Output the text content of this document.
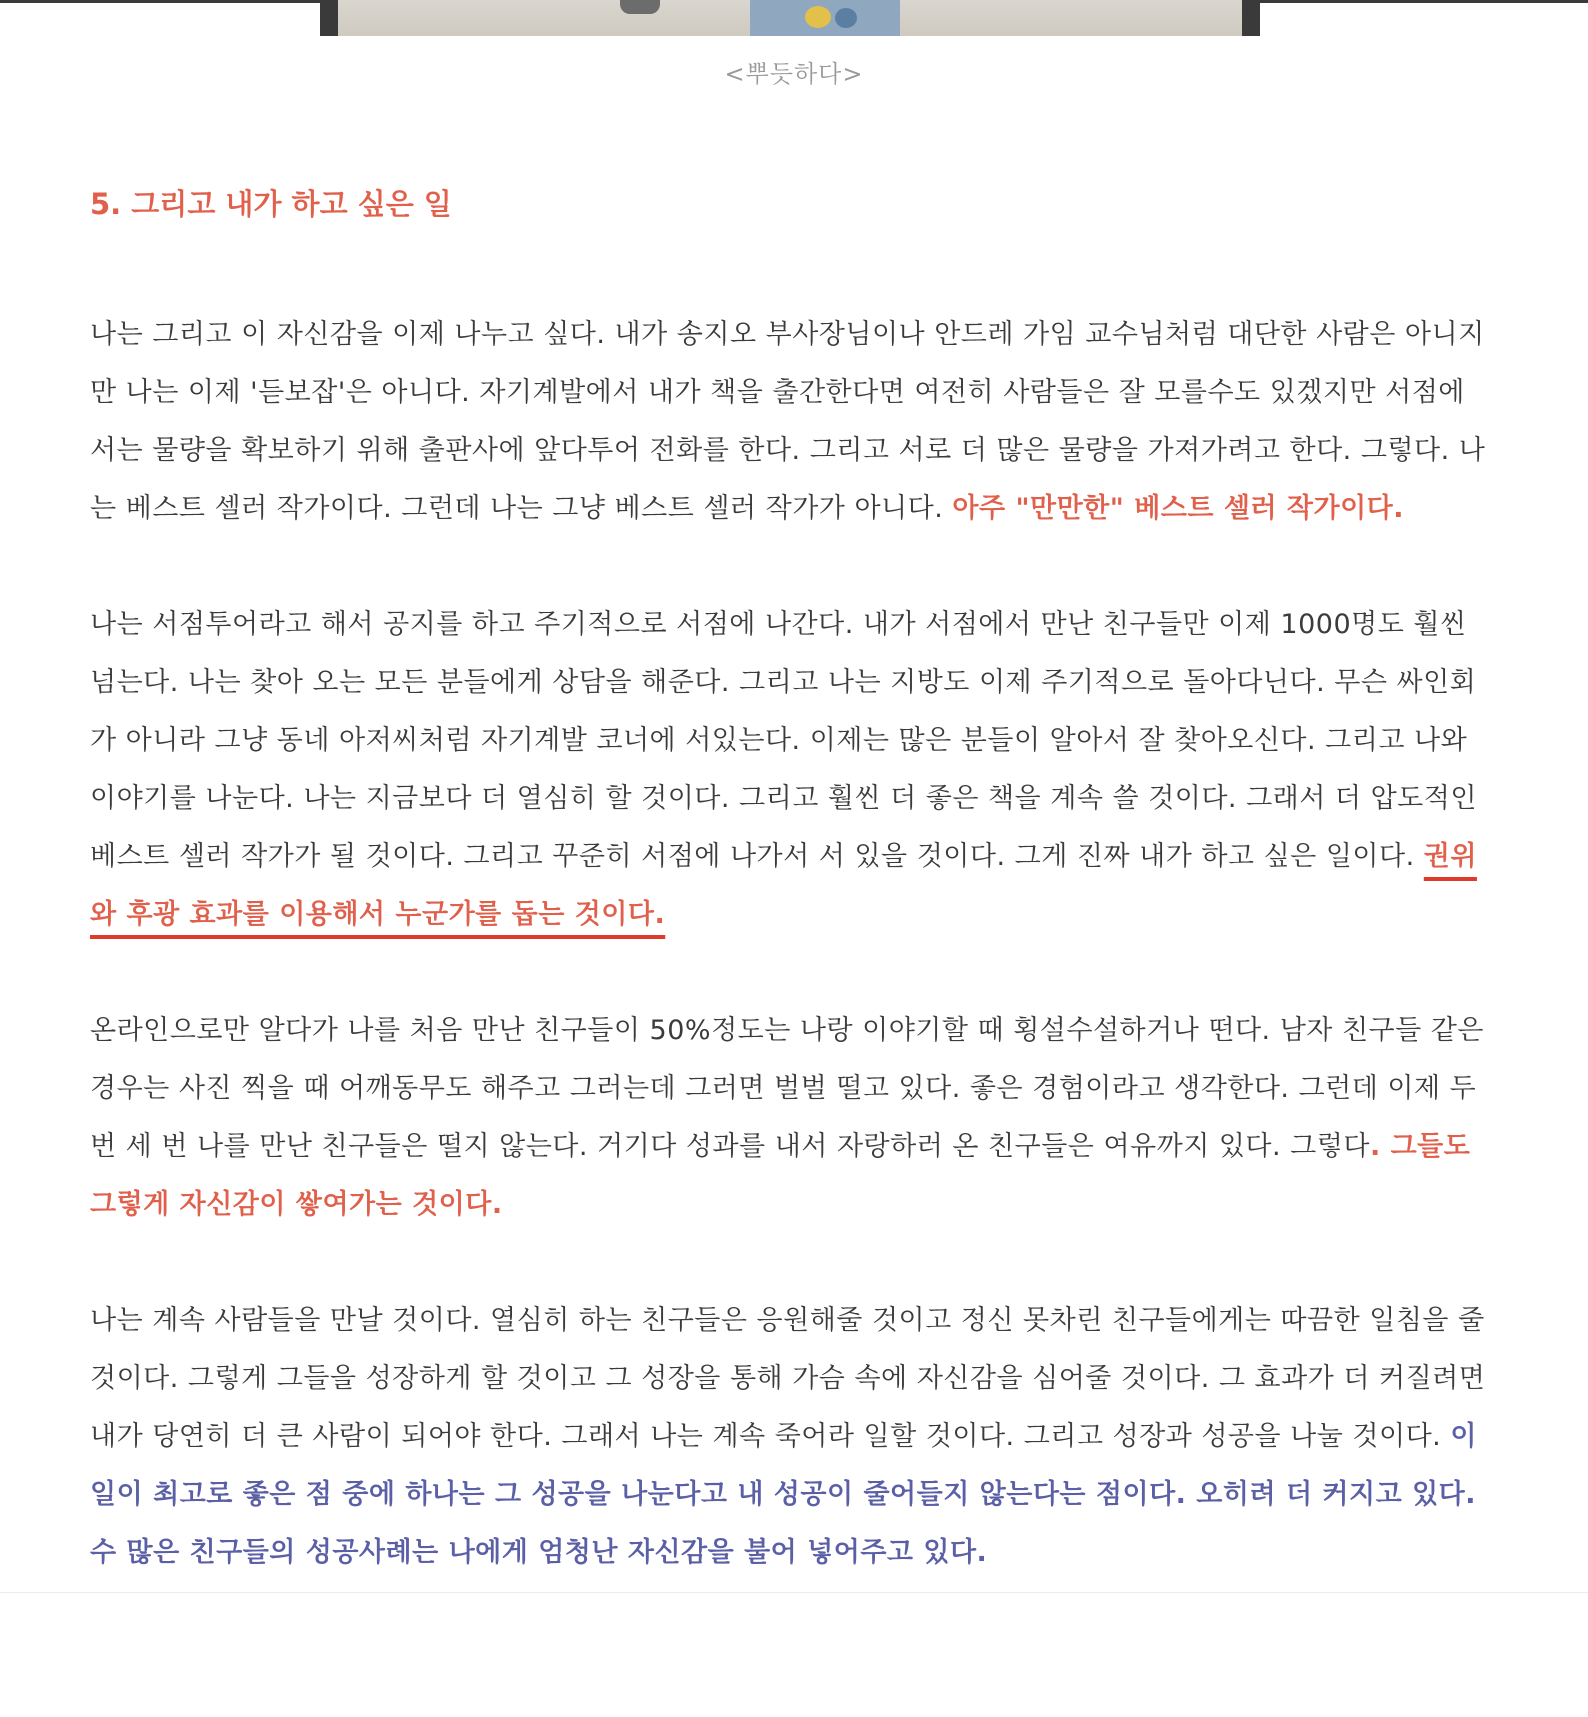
<뿌듯하다>
5. 그리고 내가 하고 싶은 일

나는 그리고 이 자신감을 이제 나누고 싶다. 내가 송지오 부사장님이나 안드레 가임 교수님처럼 대단한 사람은 아니지만 나는 이제 '듣보잡'은 아니다. 자기계발에서 내가 책을 출간한다면 여전히 사람들은 잘 모를수도 있겠지만 서점에서는 물량을 확보하기 위해 출판사에 앞다투어 전화를 한다. 그리고 서로 더 많은 물량을 가져가려고 한다. 그렇다. 나는 베스트 셀러 작가이다. 그런데 나는 그냥 베스트 셀러 작가가 아니다. 아주 "만만한" 베스트 셀러 작가이다.

나는 서점투어라고 해서 공지를 하고 주기적으로 서점에 나간다. 내가 서점에서 만난 친구들만 이제 1000명도 훨씬 넘는다. 나는 찾아 오는 모든 분들에게 상담을 해준다. 그리고 나는 지방도 이제 주기적으로 돌아다닌다. 무슨 싸인회가 아니라 그냥 동네 아저씨처럼 자기계발 코너에 서있는다. 이제는 많은 분들이 알아서 잘 찾아오신다. 그리고 나와 이야기를 나눈다. 나는 지금보다 더 열심히 할 것이다. 그리고 훨씬 더 좋은 책을 계속 쓸 것이다. 그래서 더 압도적인 베스트 셀러 작가가 될 것이다. 그리고 꾸준히 서점에 나가서 서 있을 것이다. 그게 진짜 내가 하고 싶은 일이다. 권위와 후광 효과를 이용해서 누군가를 돕는 것이다.

온라인으로만 알다가 나를 처음 만난 친구들이 50%정도는 나랑 이야기할 때 횡설수설하거나 떤다. 남자 친구들 같은 경우는 사진 찍을 때 어깨동무도 해주고 그러는데 그러면 벌벌 떨고 있다. 좋은 경험이라고 생각한다. 그런데 이제 두 번 세 번 나를 만난 친구들은 떨지 않는다. 거기다 성과를 내서 자랑하러 온 친구들은 여유까지 있다. 그렇다. 그들도 그렇게 자신감이 쌓여가는 것이다.

나는 계속 사람들을 만날 것이다. 열심히 하는 친구들은 응원해줄 것이고 정신 못차린 친구들에게는 따끔한 일침을 줄 것이다. 그렇게 그들을 성장하게 할 것이고 그 성장을 통해 가슴 속에 자신감을 심어줄 것이다. 그 효과가 더 커질려면 내가 당연히 더 큰 사람이 되어야 한다. 그래서 나는 계속 죽어라 일할 것이다. 그리고 성장과 성공을 나눌 것이다. 이 일이 최고로 좋은 점 중에 하나는 그 성공을 나눈다고 내 성공이 줄어들지 않는다는 점이다. 오히려 더 커지고 있다. 수 많은 친구들의 성공사례는 나에게 엄청난 자신감을 불어 넣어주고 있다.
